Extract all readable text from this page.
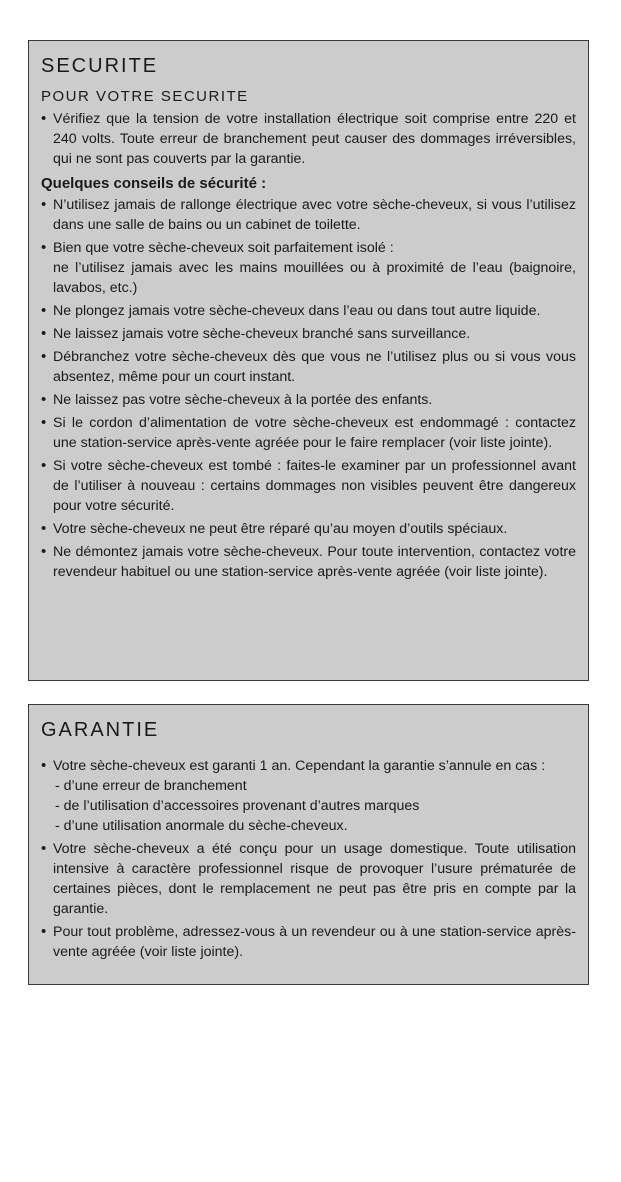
SECURITE
POUR VOTRE SECURITE
• Vérifiez que la tension de votre installation électrique soit comprise entre 220 et 240 volts. Toute erreur de branchement peut causer des dommages irréversibles, qui ne sont pas couverts par la garantie.
Quelques conseils de sécurité :
• N’utilisez jamais de rallonge électrique avec votre sèche-cheveux, si vous l’utilisez dans une salle de bains ou un cabinet de toilette.
• Bien que votre sèche-cheveux soit parfaitement isolé :
ne l’utilisez jamais avec les mains mouillées ou à proximité de l’eau (baignoire, lavabos, etc.)
• Ne plongez jamais votre sèche-cheveux dans l’eau ou dans tout autre liquide.
• Ne laissez jamais votre sèche-cheveux branché sans surveillance.
• Débranchez votre sèche-cheveux dès que vous ne l’utilisez plus ou si vous vous absentez, même pour un court instant.
• Ne laissez pas votre sèche-cheveux à la portée des enfants.
• Si le cordon d’alimentation de votre sèche-cheveux est endommagé : contactez une station-service après-vente agréée pour le faire remplacer (voir liste jointe).
• Si votre sèche-cheveux est tombé : faites-le examiner par un professionnel avant de l’utiliser à nouveau : certains dommages non visibles peuvent être dangereux pour votre sécurité.
• Votre sèche-cheveux ne peut être réparé qu’au moyen d’outils spéciaux.
• Ne démontez jamais votre sèche-cheveux. Pour toute intervention, contactez votre revendeur habituel ou une station-service après-vente agréée (voir liste jointe).
GARANTIE
• Votre sèche-cheveux est garanti 1 an. Cependant la garantie s’annule en cas :
- d’une erreur de branchement
- de l’utilisation d’accessoires provenant d’autres marques
- d’une utilisation anormale du sèche-cheveux.
• Votre sèche-cheveux a été conçu pour un usage domestique. Toute utilisation intensive à caractère professionnel risque de provoquer l’usure prématurée de certaines pièces, dont le remplacement ne peut pas être pris en compte par la garantie.
• Pour tout problème, adressez-vous à un revendeur ou à une station-service après-vente agréée (voir liste jointe).
